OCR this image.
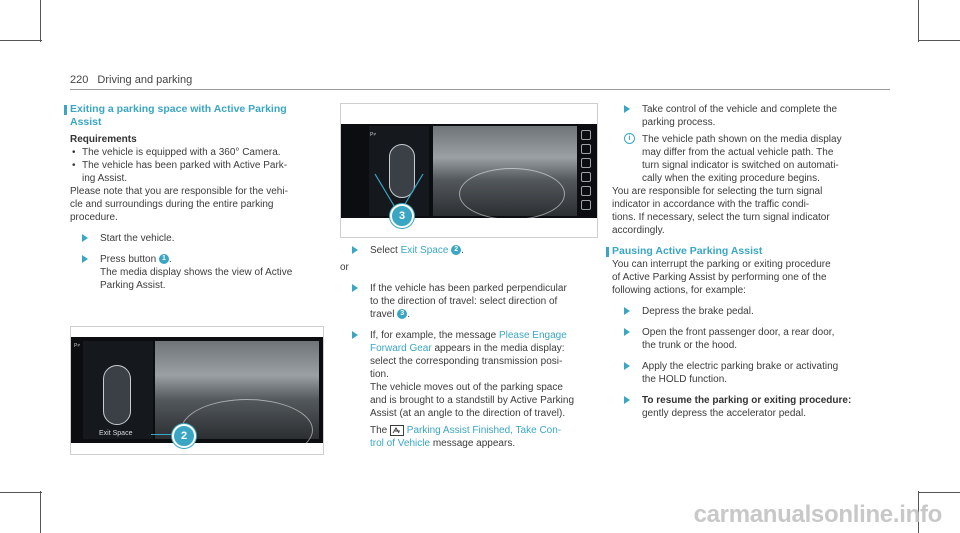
220 Driving and parking
Exiting a parking space with Active Parking
Assist

Requirements

• The vehicle is equipped with a 360° Camera.

• The vehicle has been parked with Active Park-
ing Assist.

Please note that you are responsible for the vehi-
cle and surroundings during the entire parking
procedure.

Start the vehicle.

Press button 1 .
The media display shows the view of Active
Parking Assist.

P≠
Exit Space	2
P≠
3

Select Exit Space 2 .

or

If the vehicle has been parked perpendicular
to the direction of travel: select direction of
travel 3 .

If, for example, the message Please Engage
Forward Gear appears in the media display:
select the corresponding transmission posi-
tion.
The vehicle moves out of the parking space
and is brought to a standstill by Active Parking
Assist (at an angle to the direction of travel).

The  Parking Assist Finished, Take Con-
trol of Vehicle message appears.

Take control of the vehicle and complete the
parking process.

i	The vehicle path shown on the media display
may differ from the actual vehicle path. The
turn signal indicator is switched on automati-
cally when the exiting procedure begins.

You are responsible for selecting the turn signal
indicator in accordance with the traffic condi-
tions. If necessary, select the turn signal indicator
accordingly.

Pausing Active Parking Assist

You can interrupt the parking or exiting procedure
of Active Parking Assist by performing one of the
following actions, for example:

Depress the brake pedal.

Open the front passenger door, a rear door,
the trunk or the hood.

Apply the electric parking brake or activating
the HOLD function.

To resume the parking or exiting procedure:
gently depress the accelerator pedal.

carmanualsonline.info
